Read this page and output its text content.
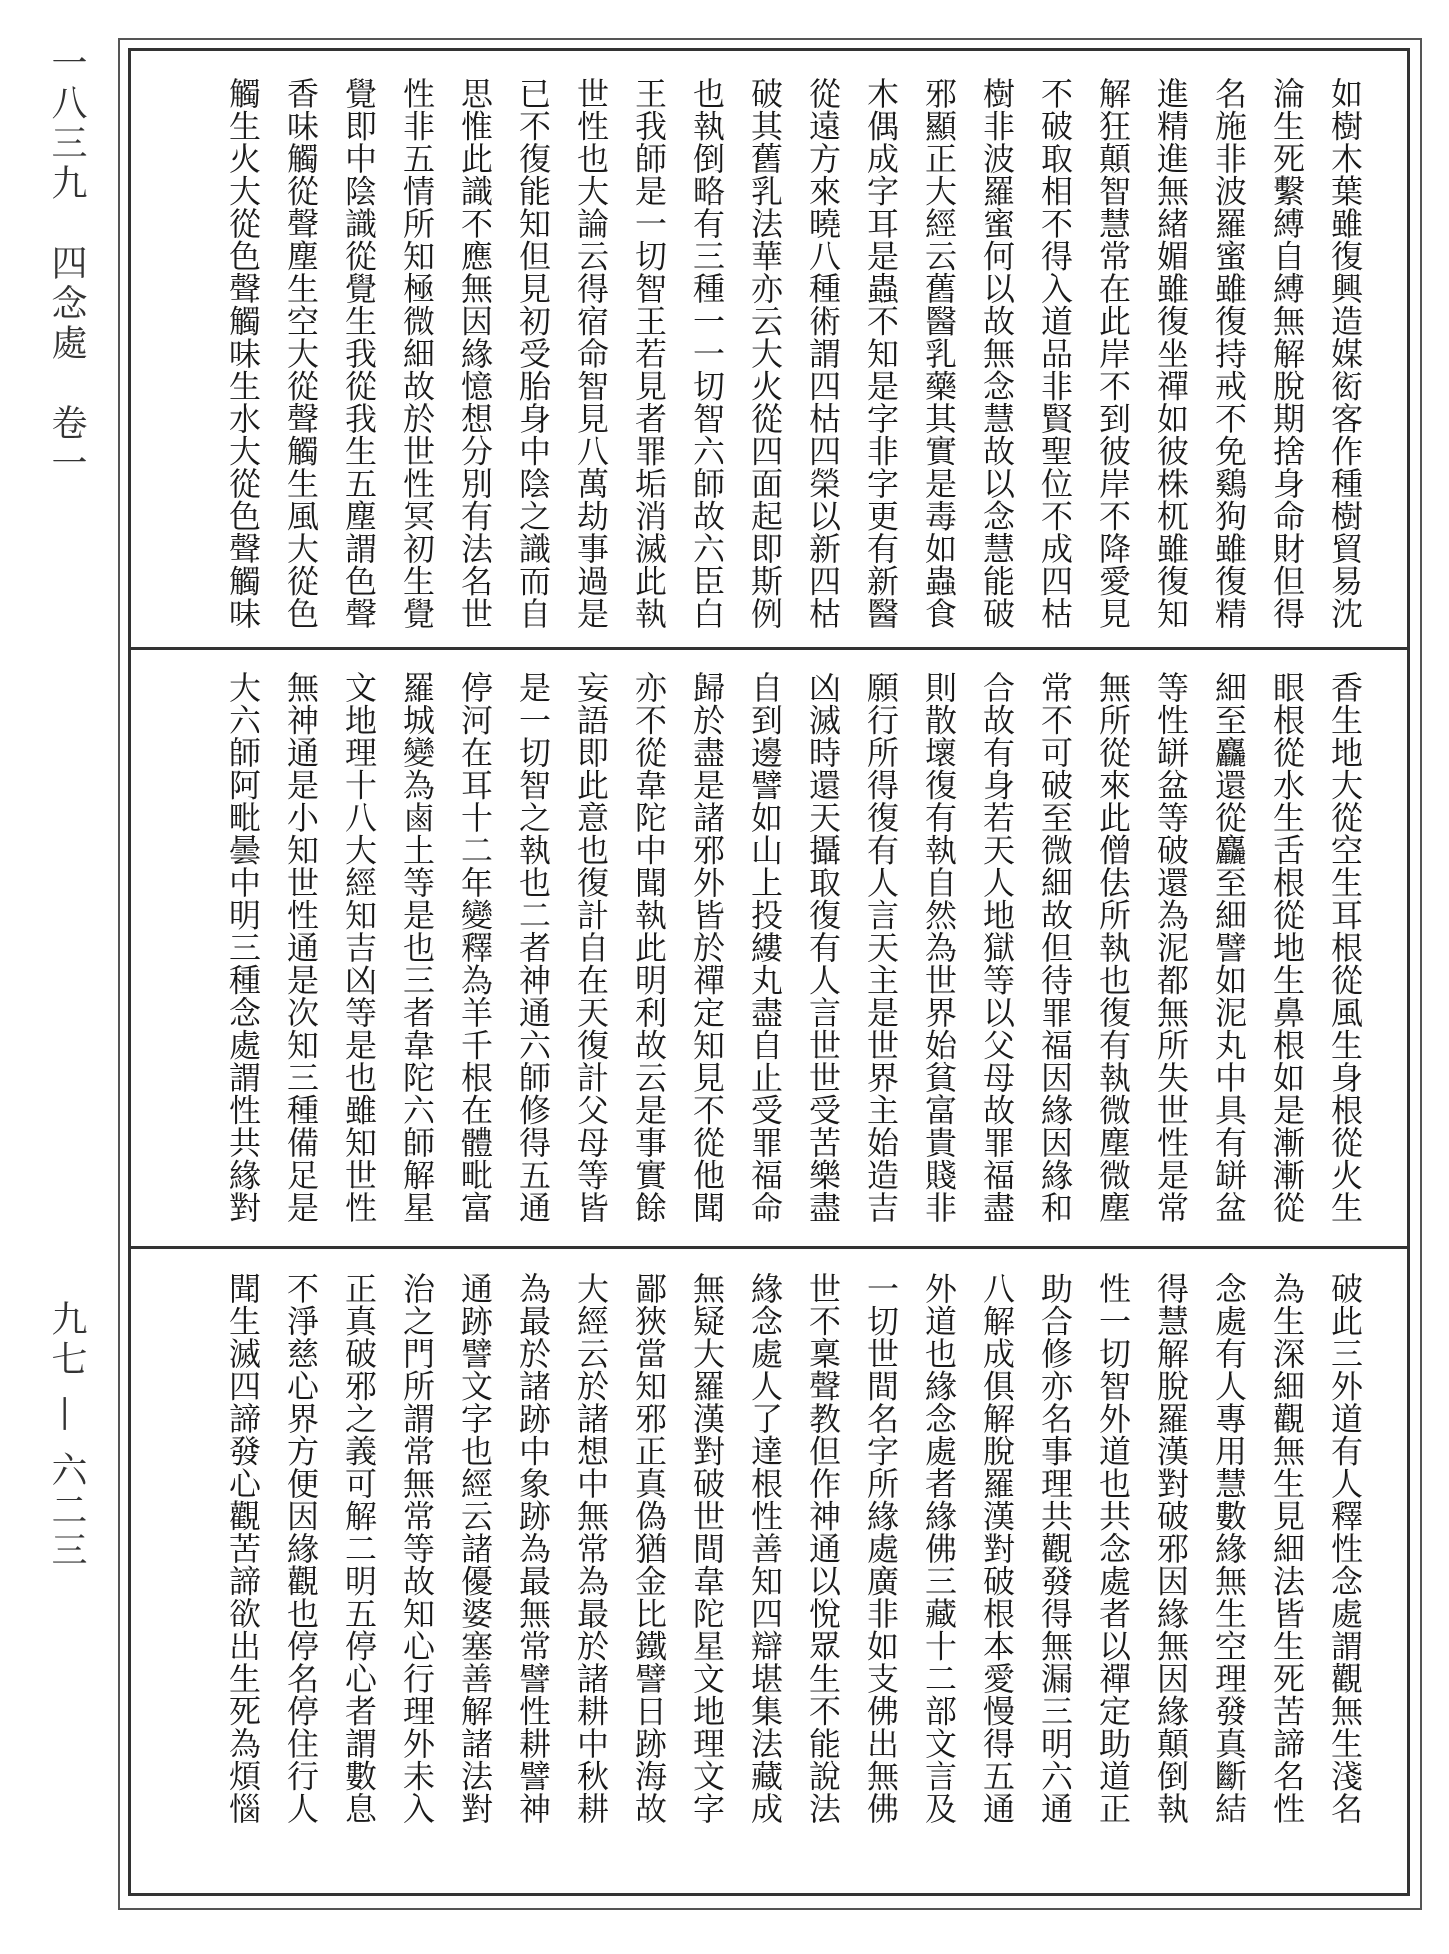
一八三九　四念處　卷一
九七 — 六二三
如樹木葉雖復興造媒衒客作種樹貿易沈
淪生死繫縛自縛無解脫期捨身命財但得
名施非波羅蜜雖復持戒不免鷄狗雖復精
進精進無緒媚雖復坐禪如彼株杌雖復知
解狂顛智慧常在此岸不到彼岸不降愛見
不破取相不得入道品非賢聖位不成四枯
樹非波羅蜜何以故無念慧故以念慧能破
邪顯正大經云舊醫乳藥其實是毒如蟲食
木偶成字耳是蟲不知是字非字更有新醫
從遠方來曉八種術謂四枯四榮以新四枯
破其舊乳法華亦云大火從四面起即斯例
也執倒略有三種一一切智六師故六臣白
王我師是一切智王若見者罪垢消滅此執
世性也大論云得宿命智見八萬劫事過是
已不復能知但見初受胎身中陰之識而自
思惟此識不應無因緣憶想分別有法名世
性非五情所知極微細故於世性冥初生覺
覺即中陰識從覺生我從我生五塵謂色聲
香味觸從聲塵生空大從聲觸生風大從色
觸生火大從色聲觸味生水大從色聲觸味
香生地大從空生耳根從風生身根從火生
眼根從水生舌根從地生鼻根如是漸漸從
細至麤還從麤至細譬如泥丸中具有缾盆
等性缾盆等破還為泥都無所失世性是常
無所從來此僧佉所執也復有執微塵微塵
常不可破至微細故但待罪福因緣因緣和
合故有身若天人地獄等以父母故罪福盡
則散壞復有執自然為世界始貧富貴賤非
願行所得復有人言天主是世界主始造吉
凶滅時還天攝取復有人言世世受苦樂盡
自到邊譬如山上投縷丸盡自止受罪福命
歸於盡是諸邪外皆於禪定知見不從他聞
亦不從韋陀中聞執此明利故云是事實餘
妄語即此意也復計自在天復計父母等皆
是一切智之執也二者神通六師修得五通
停河在耳十二年變釋為羊千根在體毗富
羅城變為鹵土等是也三者韋陀六師解星
文地理十八大經知吉凶等是也雖知世性
無神通是小知世性通是次知三種備足是
大六師阿毗曇中明三種念處謂性共緣對
破此三外道有人釋性念處謂觀無生淺名
為生深細觀無生見細法皆生死苦諦名性
念處有人專用慧數緣無生空理發真斷結
得慧解脫羅漢對破邪因緣無因緣顛倒執
性一切智外道也共念處者以禪定助道正
助合修亦名事理共觀發得無漏三明六通
八解成俱解脫羅漢對破根本愛慢得五通
外道也緣念處者緣佛三藏十二部文言及
一切世間名字所緣處廣非如支佛出無佛
世不稟聲教但作神通以悅眾生不能說法
緣念處人了達根性善知四辯堪集法藏成
無疑大羅漢對破世間韋陀星文地理文字
鄙狹當知邪正真偽猶金比鐵譬日跡海故
大經云於諸想中無常為最於諸耕中秋耕
為最於諸跡中象跡為最無常譬性耕譬神
通跡譬文字也經云諸優婆塞善解諸法對
治之門所謂常無常等故知心行理外未入
正真破邪之義可解二明五停心者謂數息
不淨慈心界方便因緣觀也停名停住行人
聞生滅四諦發心觀苦諦欲出生死為煩惱
